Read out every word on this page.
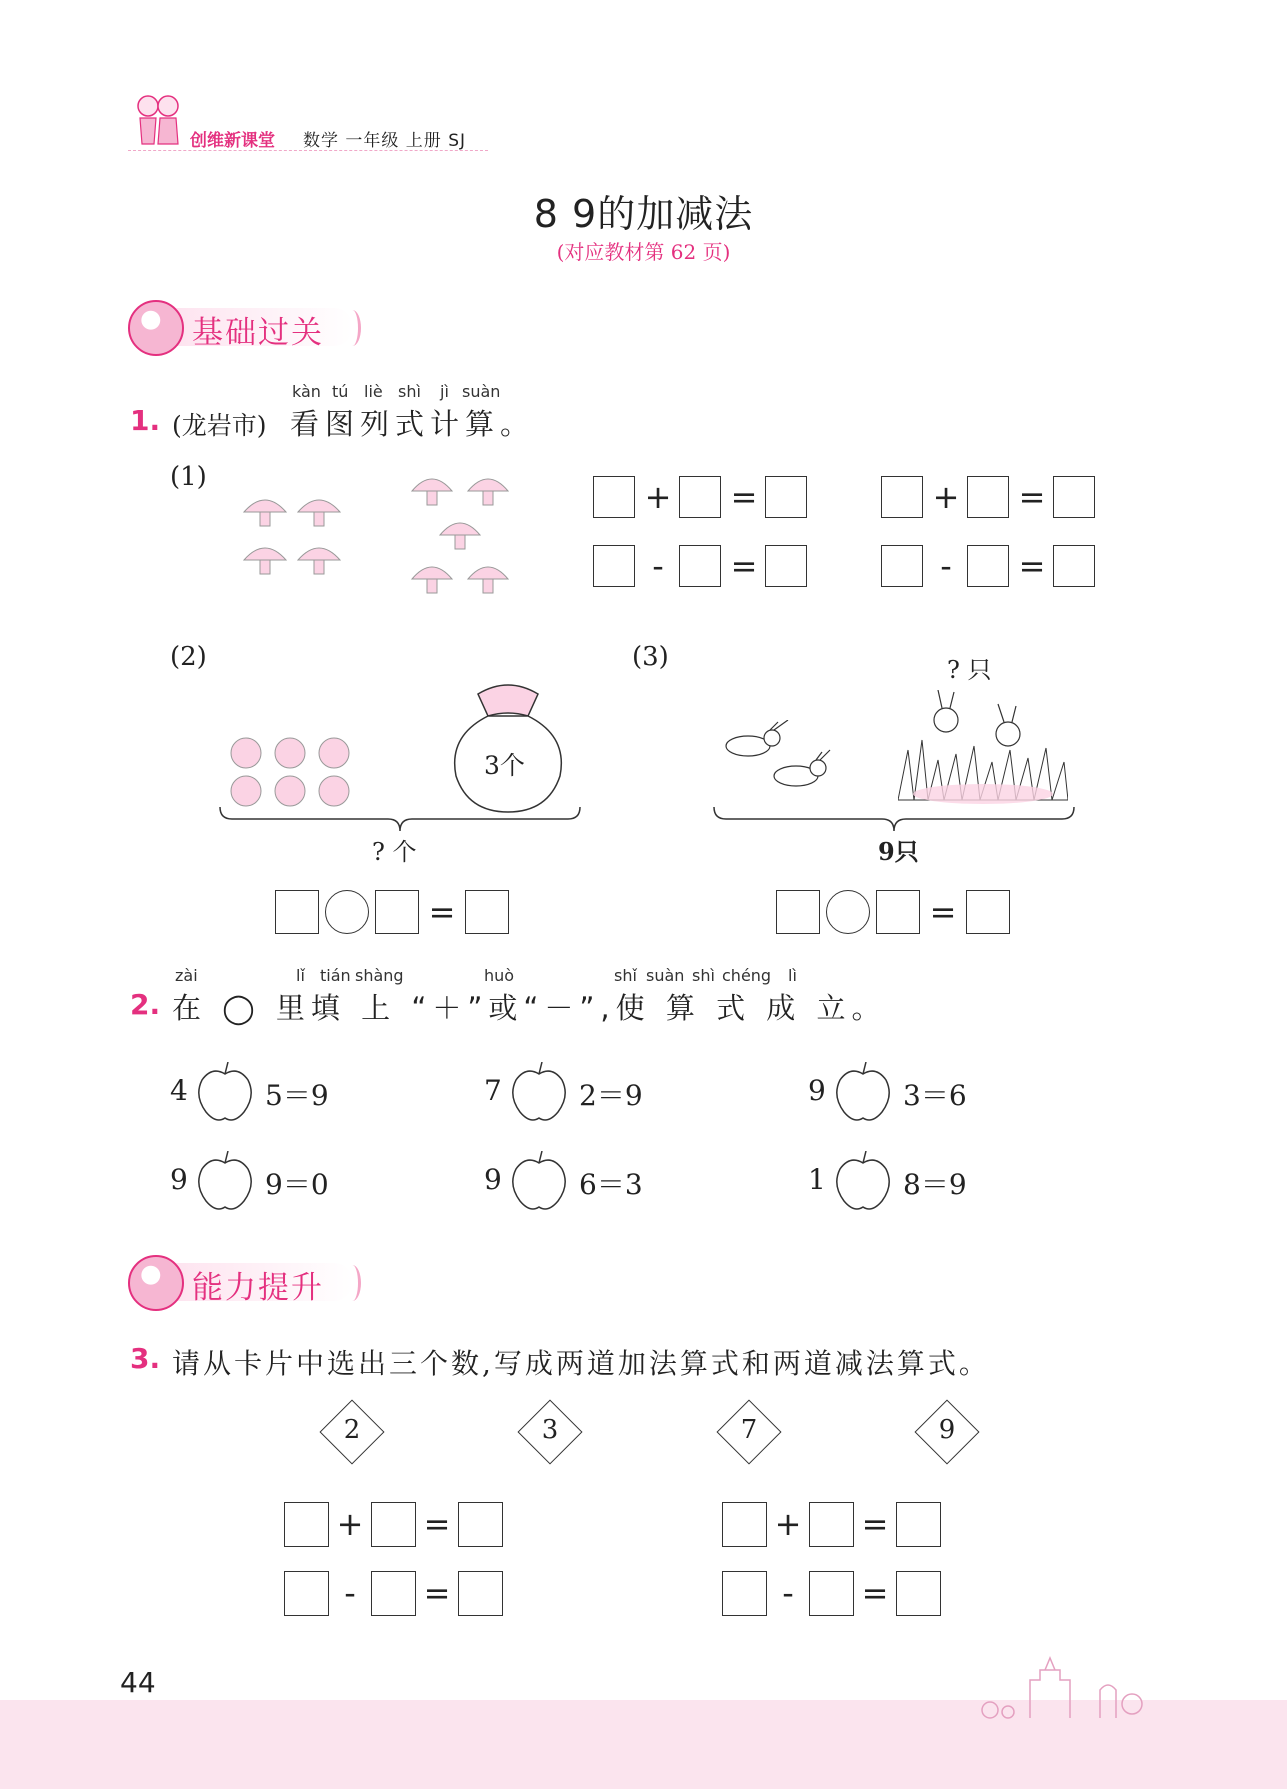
创维新课堂 数学 一年级 上册 SJ
8 9的加减法
(对应教材第 62 页)
基础过关
1. (龙岩市) 看图列式计算。
kàn tú liè shì jì suàn
(1)
+ =
-	=
+ =
-	=
(2)
3个
? 个
=
(3)	? 只
9只
=
2.
zài	lǐ tián shàng	huò	shǐ suàn shì chéng lì
在 ◯ 里填 上 “＋”或“－”,使 算 式 成 立。
4	5＝9	7	2＝9	9	3＝6
9	9＝0	9	6＝3	1	8＝9
能力提升
3. 请从卡片中选出三个数,写成两道加法算式和两道减法算式。
2	3	7	9
+ =
-	=
+ =
-	=
44
